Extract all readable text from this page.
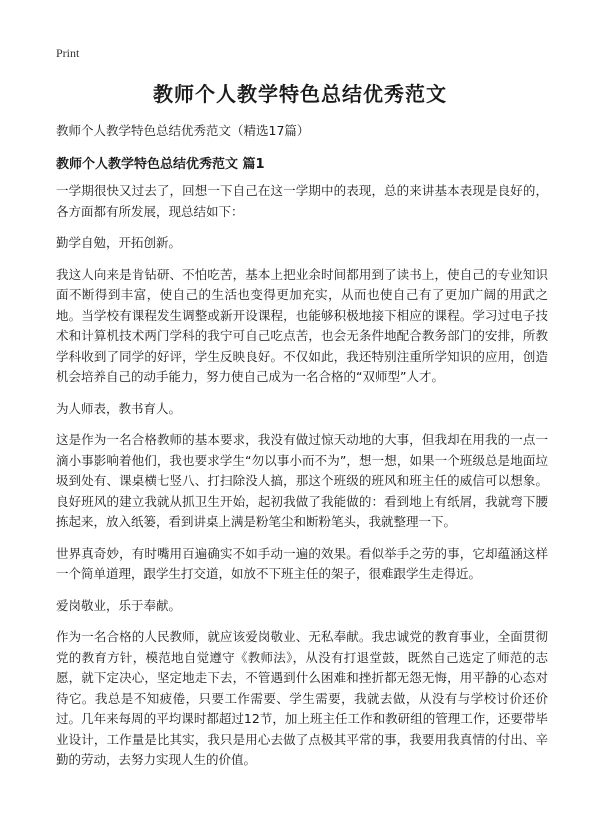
Print
教师个人教学特色总结优秀范文
教师个人教学特色总结优秀范文（精选17篇）
教师个人教学特色总结优秀范文 篇1

一学期很快又过去了，回想一下自己在这一学期中的表现，总的来讲基本表现是良好的，各方面都有所发展，现总结如下：

勤学自勉，开拓创新。

我这人向来是肯钻研、不怕吃苦，基本上把业余时间都用到了读书上，使自己的专业知识面不断得到丰富，使自己的生活也变得更加充实，从而也使自己有了更加广阔的用武之地。当学校有课程发生调整或新开设课程，也能够积极地接下相应的课程。学习过电子技术和计算机技术两门学科的我宁可自己吃点苦，也会无条件地配合教务部门的安排，所教学科收到了同学的好评，学生反映良好。不仅如此，我还特别注重所学知识的应用，创造机会培养自己的动手能力，努力使自己成为一名合格的“双师型”人才。

为人师表，教书育人。

这是作为一名合格教师的基本要求，我没有做过惊天动地的大事，但我却在用我的一点一滴小事影响着他们，我也要求学生“勿以事小而不为”，想一想，如果一个班级总是地面垃圾到处有、课桌横七竖八、打扫除没人搞，那这个班级的班风和班主任的威信可以想象。良好班风的建立我就从抓卫生开始，起初我做了我能做的：看到地上有纸屑，我就弯下腰拣起来，放入纸篓，看到讲桌上满是粉笔尘和断粉笔头，我就整理一下。

世界真奇妙，有时嘴用百遍确实不如手动一遍的效果。看似举手之劳的事，它却蕴涵这样一个简单道理，跟学生打交道，如放不下班主任的架子，很难跟学生走得近。

爱岗敬业，乐于奉献。

作为一名合格的人民教师，就应该爱岗敬业、无私奉献。我忠诚党的教育事业，全面贯彻党的教育方针，模范地自觉遵守《教师法》，从没有打退堂鼓，既然自己选定了师范的志愿，就下定决心，坚定地走下去，不管遇到什么困难和挫折都无怨无悔，用平静的心态对待它。我总是不知疲倦，只要工作需要、学生需要，我就去做，从没有与学校讨价还价过。几年来每周的平均课时都超过12节，加上班主任工作和教研组的管理工作，还要带毕业设计，工作量是比其实，我只是用心去做了点极其平常的事，我要用我真情的付出、辛勤的劳动，去努力实现人生的价值。
